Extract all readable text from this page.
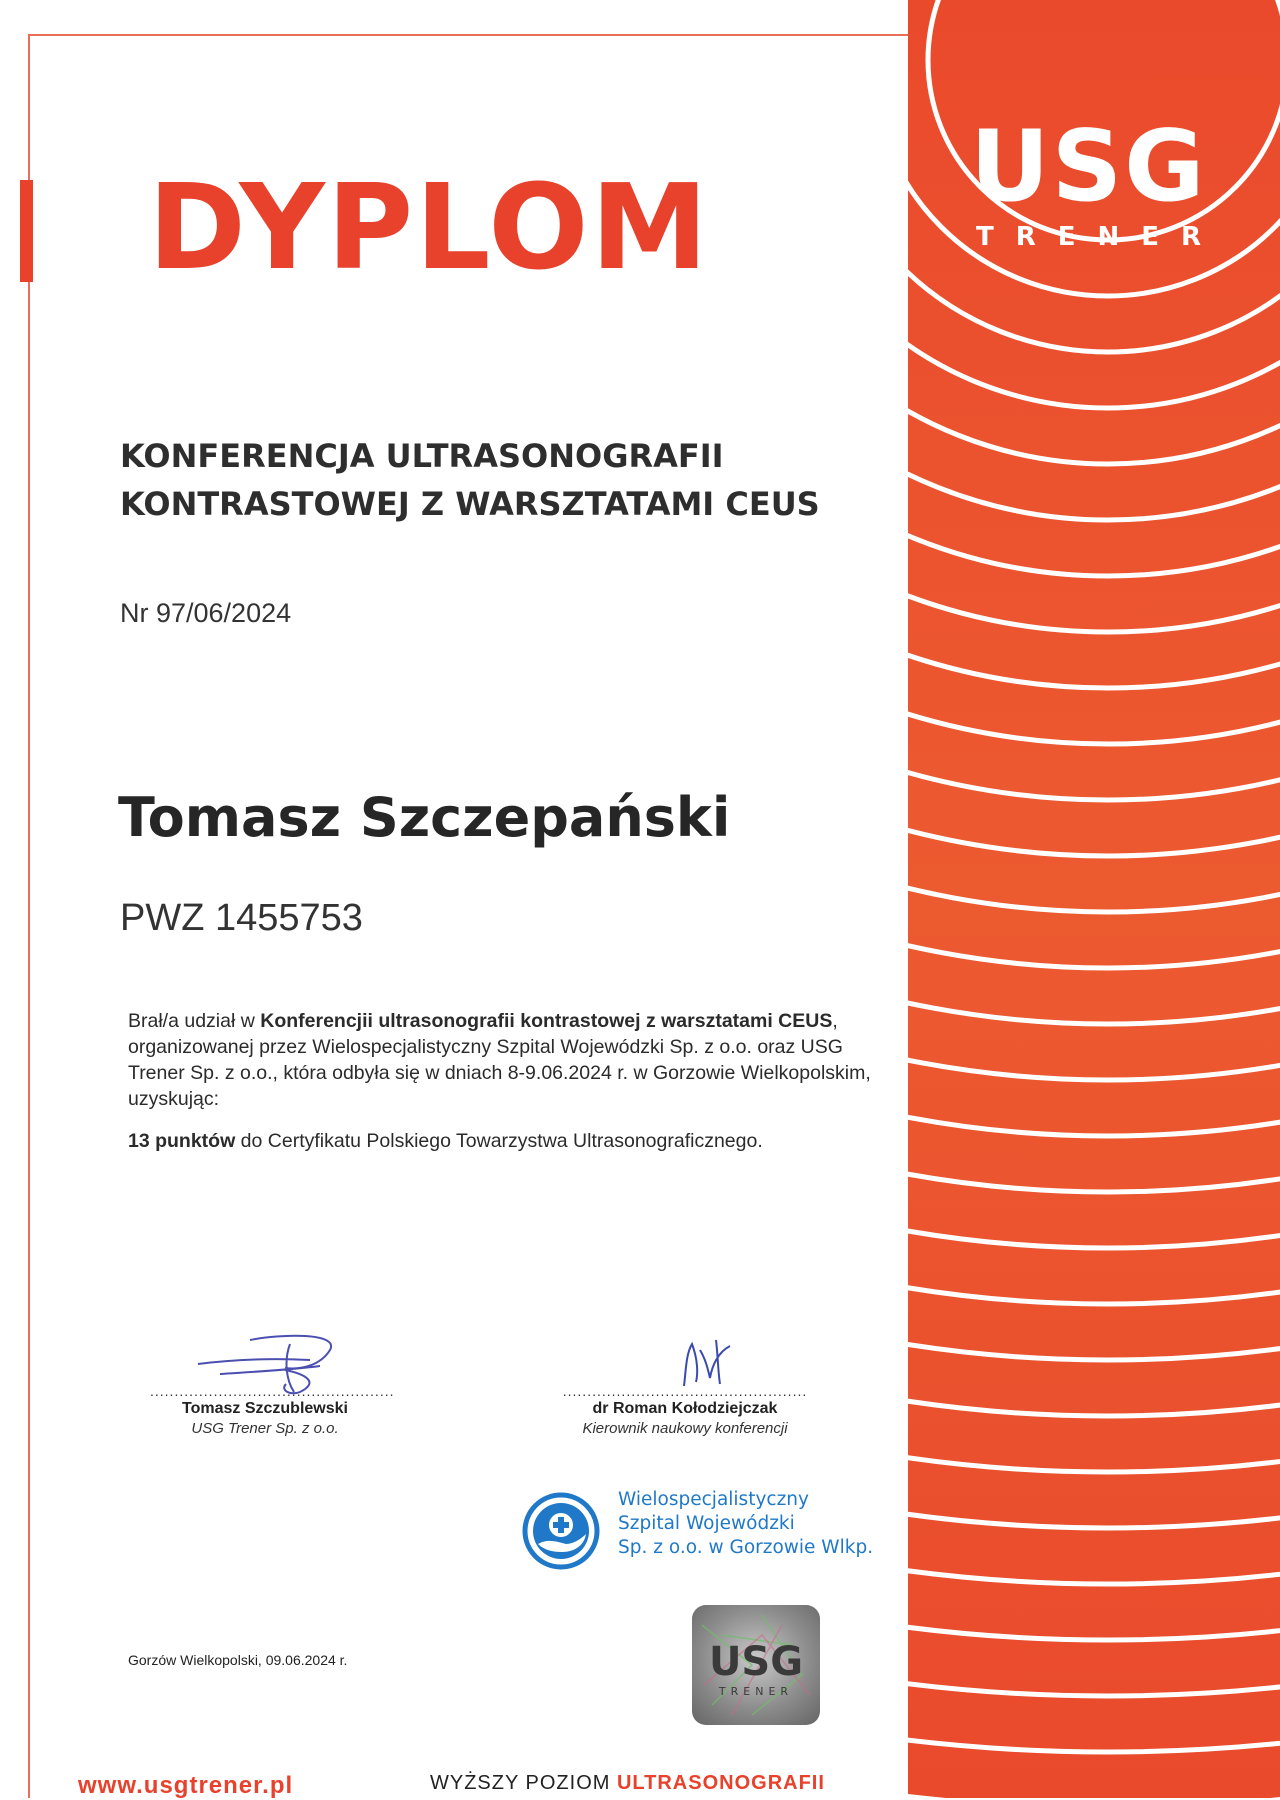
DYPLOM	USG
TRENER
KONFERENCJA ULTRASONOGRAFII
KONTRASTOWEJ Z WARSZTATAMI CEUS
Nr 97/06/2024
Tomasz Szczepański
PWZ 1455753
Brał/a udział w Konferencjii ultrasonografii kontrastowej z warsztatami CEUS, organizowanej przez Wielospecjalistyczny Szpital Wojewódzki Sp. z o.o. oraz USG Trener Sp. z o.o., która odbyła się w dniach 8-9.06.2024 r. w Gorzowie Wielkopolskim, uzyskując:
13 punktów do Certyfikatu Polskiego Towarzystwa Ultrasonograficznego.
..................................................
Tomasz Szczublewski
USG Trener Sp. z o.o.
..................................................
dr Roman Kołodziejczak
Kierownik naukowy konferencji
Wielospecjalistyczny
Szpital Wojewódzki
Sp. z o.o. w Gorzowie Wlkp.
Gorzów Wielkopolski, 09.06.2024 r.	USG
TRENER
www.usgtrener.pl	WYŻSZY POZIOM ULTRASONOGRAFII
